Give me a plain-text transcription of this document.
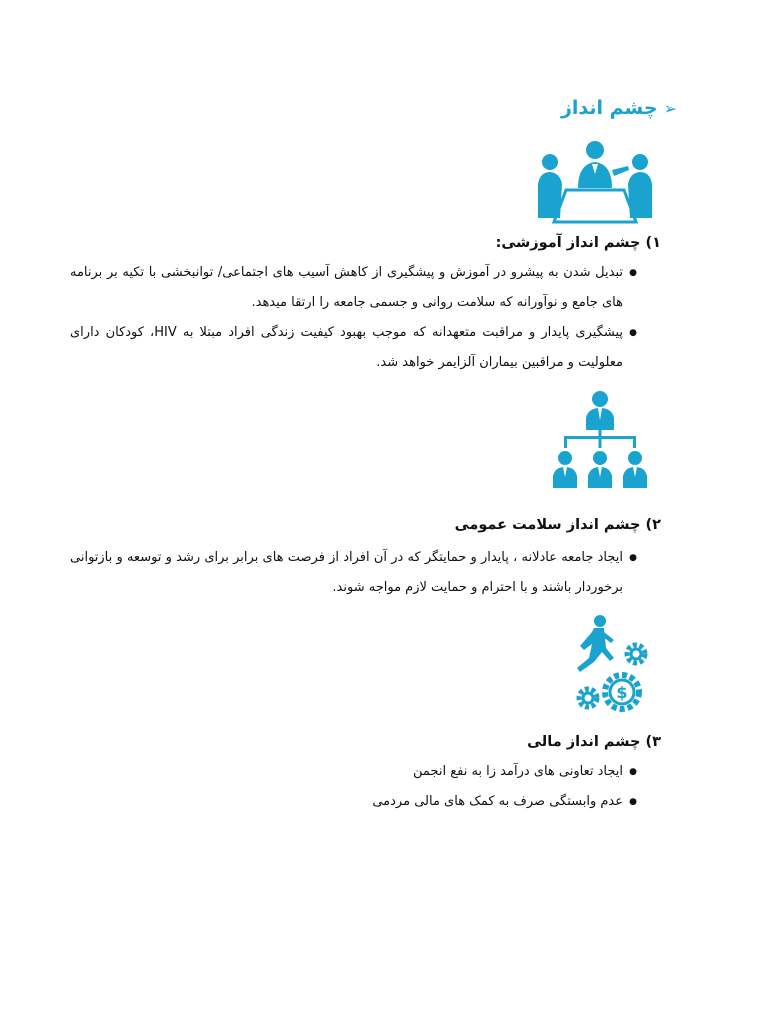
➢
چشم انداز
۱) چشم انداز آموزشی:
● تبدیل شدن به پیشرو در آموزش و پیشگیری از کاهش آسیب های اجتماعی/ توانبخشی با تکیه بر برنامه های جامع و نوآورانه که سلامت روانی و جسمی جامعه را ارتقا میدهد.
● پیشگیری پایدار و مراقبت متعهدانه که موجب بهبود کیفیت زندگی افراد مبتلا به HIV، کودکان دارای معلولیت و مراقبین بیماران آلزایمر خواهد شد.
۲) چشم انداز سلامت عمومی
● ایجاد جامعه عادلانه ، پایدار و حمایتگر که در آن افراد از فرصت های برابر برای رشد و توسعه و بازتوانی برخوردار باشند و با احترام و حمایت لازم مواجه شوند.
$
۳) چشم انداز مالی
● ایجاد تعاونی های درآمد زا به نفع انجمن
● عدم وابستگی صرف به کمک های مالی مردمی
